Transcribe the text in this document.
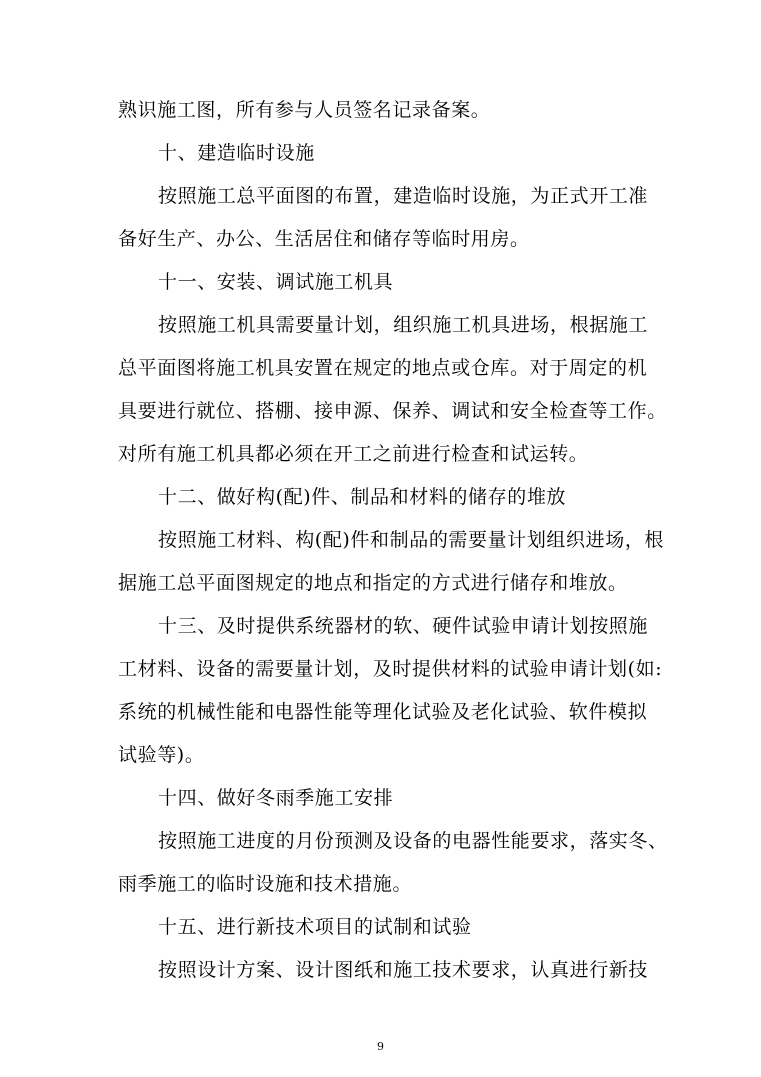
熟识施工图，所有参与人员签名记录备案。
十、建造临时设施
按照施工总平面图的布置，建造临时设施，为正式开工准
备好生产、办公、生活居住和储存等临时用房。
十一、安装、调试施工机具
按照施工机具需要量计划，组织施工机具进场，根据施工
总平面图将施工机具安置在规定的地点或仓库。对于周定的机
具要进行就位、搭棚、接申源、保养、调试和安全检查等工作。
对所有施工机具都必须在开工之前进行检查和试运转。
十二、做好构(配)件、制品和材料的储存的堆放
按照施工材料、构(配)件和制品的需要量计划组织进场，根
据施工总平面图规定的地点和指定的方式进行储存和堆放。
十三、及时提供系统器材的软、硬件试验申请计划按照施
工材料、设备的需要量计划，及时提供材料的试验申请计划(如:
系统的机械性能和电器性能等理化试验及老化试验、软件模拟
试验等)。
十四、做好冬雨季施工安排
按照施工进度的月份预测及设备的电器性能要求，落实冬、
雨季施工的临时设施和技术措施。
十五、进行新技术项目的试制和试验
按照设计方案、设计图纸和施工技术要求，认真进行新技
9
